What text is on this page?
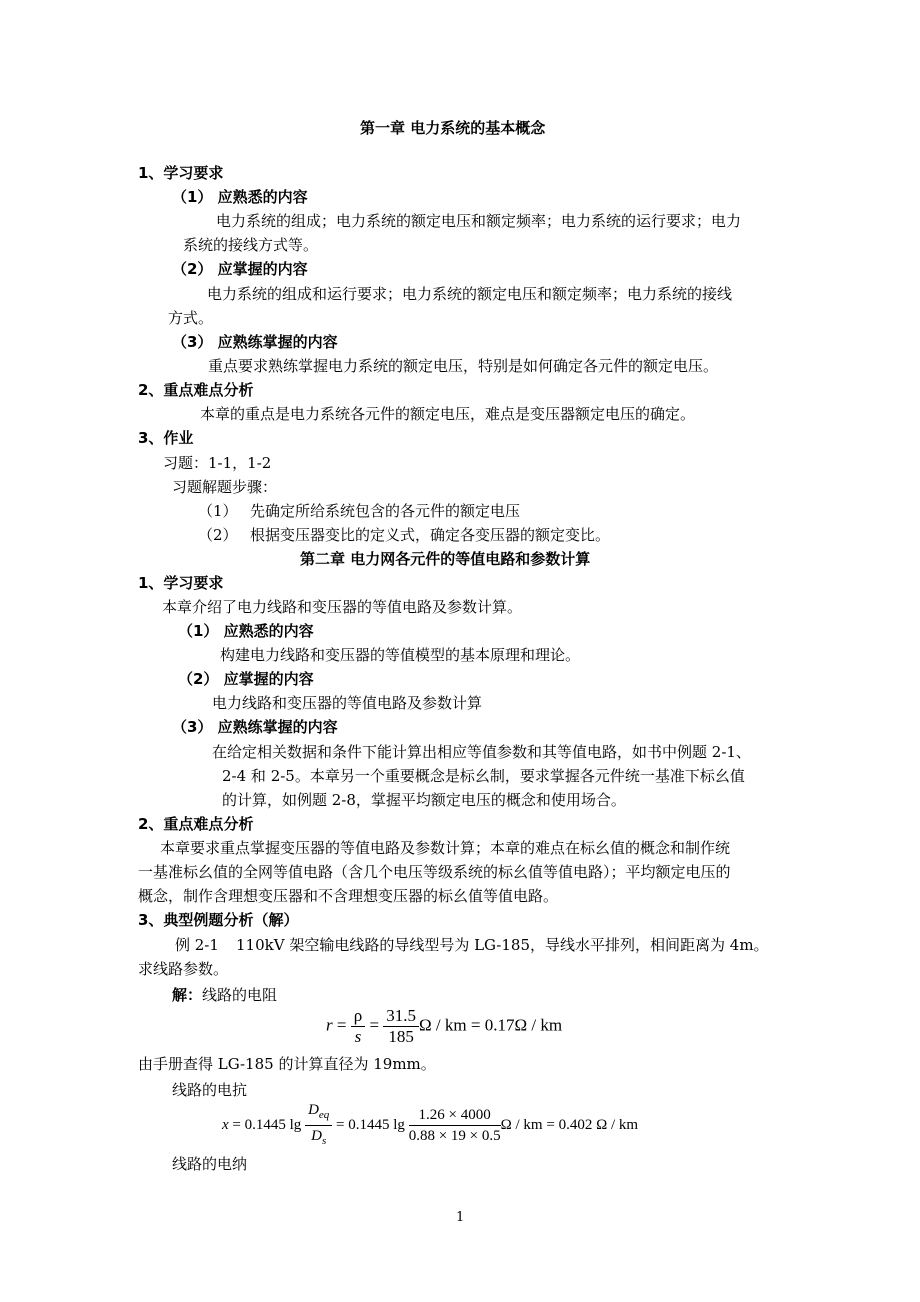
第一章 电力系统的基本概念
1、学习要求
（1） 应熟悉的内容
电力系统的组成；电力系统的额定电压和额定频率；电力系统的运行要求；电力
系统的接线方式等。
（2） 应掌握的内容
电力系统的组成和运行要求；电力系统的额定电压和额定频率；电力系统的接线
方式。
（3） 应熟练掌握的内容
重点要求熟练掌握电力系统的额定电压，特别是如何确定各元件的额定电压。
2、重点难点分析
本章的重点是电力系统各元件的额定电压，难点是变压器额定电压的确定。
3、作业
习题：1-1，1-2
习题解题步骤：
（1） 先确定所给系统包含的各元件的额定电压
（2） 根据变压器变比的定义式，确定各变压器的额定变比。
第二章 电力网各元件的等值电路和参数计算
1、学习要求
本章介绍了电力线路和变压器的等值电路及参数计算。
（1） 应熟悉的内容
构建电力线路和变压器的等值模型的基本原理和理论。
（2） 应掌握的内容
电力线路和变压器的等值电路及参数计算
（3） 应熟练掌握的内容
在给定相关数据和条件下能计算出相应等值参数和其等值电路，如书中例题 2-1、
2-4 和 2-5。本章另一个重要概念是标幺制，要求掌握各元件统一基准下标幺值
的计算，如例题 2-8，掌握平均额定电压的概念和使用场合。
2、重点难点分析
本章要求重点掌握变压器的等值电路及参数计算；本章的难点在标幺值的概念和制作统
一基准标幺值的全网等值电路（含几个电压等级系统的标幺值等值电路）；平均额定电压的
概念，制作含理想变压器和不含理想变压器的标幺值等值电路。
3、典型例题分析（解）
例 2-1 110kV 架空输电线路的导线型号为 LG-185，导线水平排列，相间距离为 4m。
求线路参数。
解：线路的电阻
$r = \frac{\rho}{s} = \frac{31.5}{185}$ Ω / km = 0.17Ω / km
由手册查得 LG-185 的计算直径为 19mm。
线路的电抗
x = 0.1445 $\lg \frac{D_{eq}}{D_s} = 0.1445$ $\lg \frac{1.26 \times 4000}{0.88 \times 19 \times 0.5}$ Ω / km = 0.402 Ω / km
线路的电纳
1
